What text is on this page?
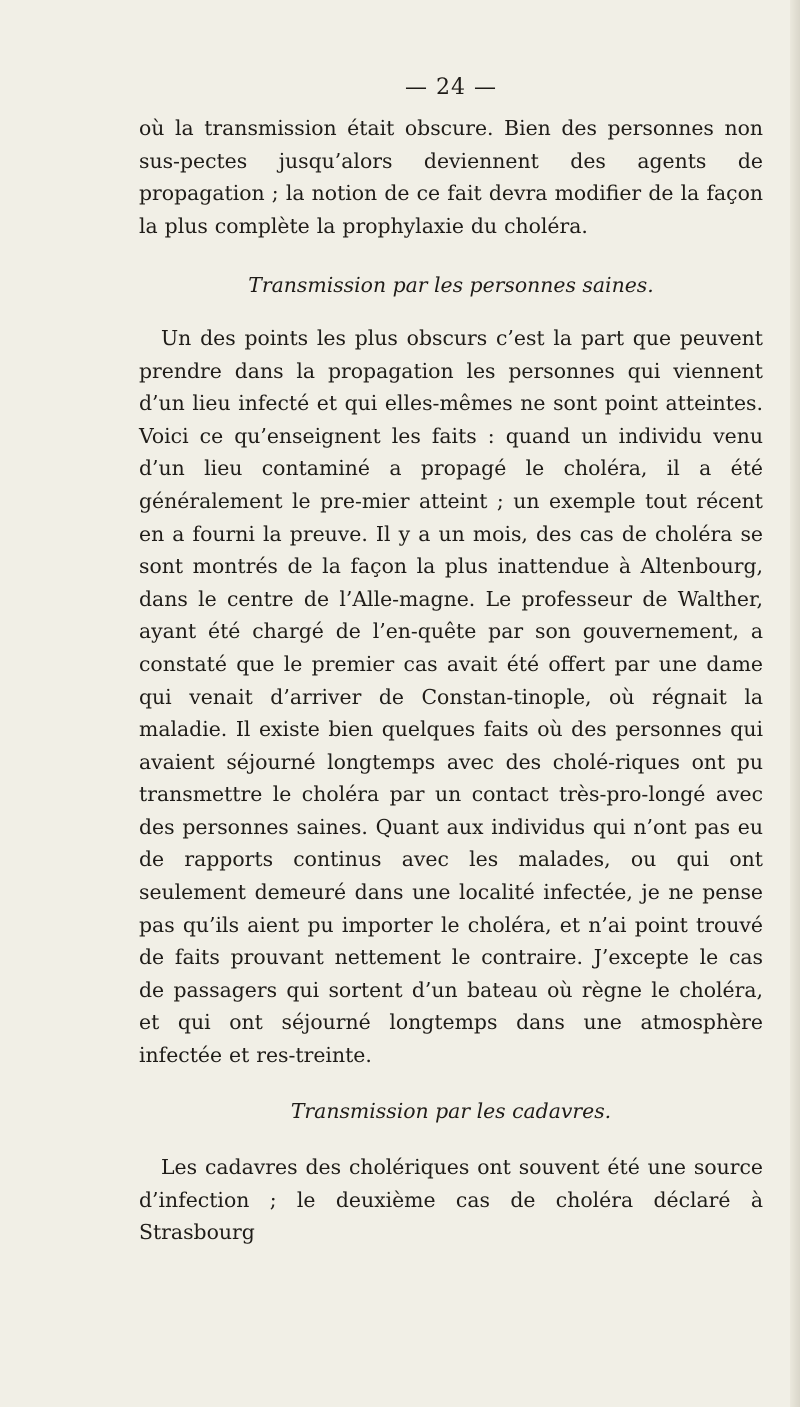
— 24 —

où la transmission était obscure. Bien des personnes non sus-pectes jusqu’alors deviennent des agents de propagation ; la notion de ce fait devra modifier de la façon la plus complète la prophylaxie du choléra.

Transmission par les personnes saines.

Un des points les plus obscurs c’est la part que peuvent prendre dans la propagation les personnes qui viennent d’un lieu infecté et qui elles-mêmes ne sont point atteintes. Voici ce qu’enseignent les faits : quand un individu venu d’un lieu contaminé a propagé le choléra, il a été généralement le pre-mier atteint ; un exemple tout récent en a fourni la preuve. Il y a un mois, des cas de choléra se sont montrés de la façon la plus inattendue à Altenbourg, dans le centre de l’Alle-magne. Le professeur de Walther, ayant été chargé de l’en-quête par son gouvernement, a constaté que le premier cas avait été offert par une dame qui venait d’arriver de Constan-tinople, où régnait la maladie. Il existe bien quelques faits où des personnes qui avaient séjourné longtemps avec des cholé-riques ont pu transmettre le choléra par un contact très-pro-longé avec des personnes saines. Quant aux individus qui n’ont pas eu de rapports continus avec les malades, ou qui ont seulement demeuré dans une localité infectée, je ne pense pas qu’ils aient pu importer le choléra, et n’ai point trouvé de faits prouvant nettement le contraire. J’excepte le cas de passagers qui sortent d’un bateau où règne le choléra, et qui ont séjourné longtemps dans une atmosphère infectée et res-treinte.

Transmission par les cadavres.

Les cadavres des cholériques ont souvent été une source d’infection ; le deuxième cas de choléra déclaré à Strasbourg
